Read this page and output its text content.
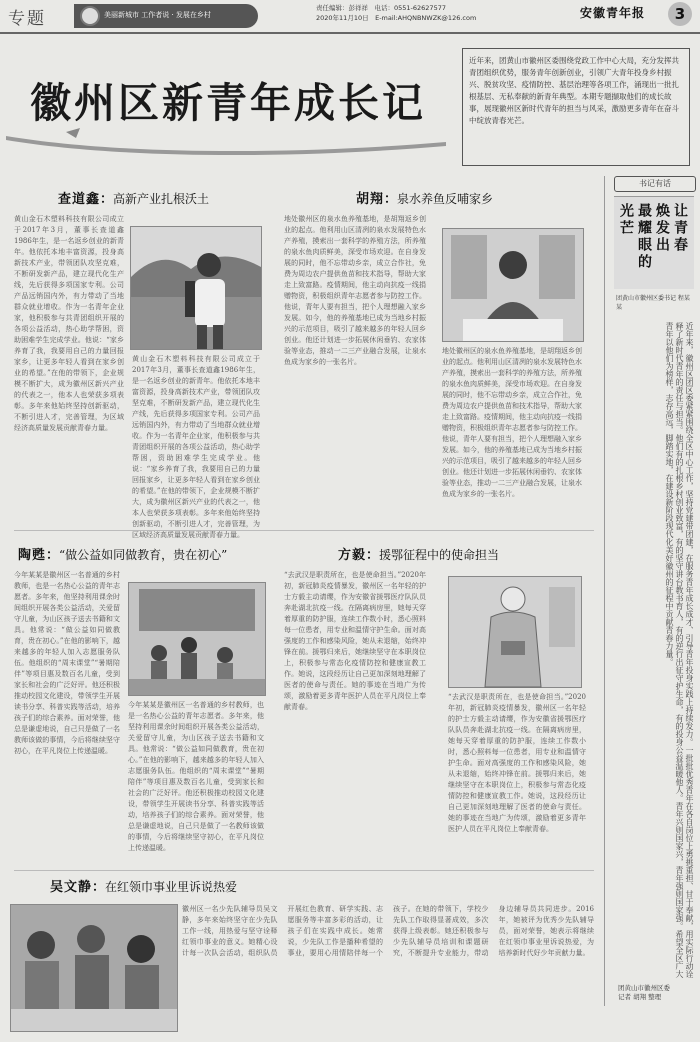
专题	美丽新城市 工作者说 · 发展在乡村
责任编辑：彭祥祥　电话：0551-62627577
2020年11月10日　E-mail:AHQNBNWZK@126.com	安徽青年报	3
徽州区新青年成长记
近年来，团黄山市徽州区委围绕党政工作中心大局，充分发挥共青团组织优势，服务青年创新创业，引领广大青年投身乡村振兴、脱贫攻坚、疫情防控、基层治理等各项工作，涌现出一批扎根基层、无私奉献的新青年典型。本期专题撷取他们的成长故事，展现徽州区新时代青年的担当与风采，激励更多青年在奋斗中绽放青春光芒。
查道鑫：高新产业扎根沃土
黄山金石木塑料科技有限公司成立于2017年3月，董事长查道鑫1986年生，是一名返乡创业的新青年。他依托本地丰富资源，投身高新技术产业，带领团队攻坚克难，不断研发新产品，建立现代化生产线，先后获得多项国家专利。公司产品远销国内外，有力带动了当地群众就业增收。作为一名青年企业家，他积极参与共青团组织开展的各项公益活动，热心助学帮困，资助困难学生完成学业。他说：“家乡养育了我，我要用自己的力量回报家乡，让更多年轻人看到在家乡创业的希望。”在他的带领下，企业规模不断扩大，成为徽州区新兴产业的代表之一，他本人也荣获多项表彰。多年来他始终坚持创新驱动，不断引进人才，完善管理，为区域经济高质量发展贡献青春力量。
黄山金石木塑料科技有限公司成立于2017年3月，董事长查道鑫1986年生，是一名返乡创业的新青年。他依托本地丰富资源，投身高新技术产业，带领团队攻坚克难，不断研发新产品，建立现代化生产线，先后获得多项国家专利。公司产品远销国内外，有力带动了当地群众就业增收。作为一名青年企业家，他积极参与共青团组织开展的各项公益活动，热心助学帮困，资助困难学生完成学业。他说：“家乡养育了我，我要用自己的力量回报家乡，让更多年轻人看到在家乡创业的希望。”在他的带领下，企业规模不断扩大，成为徽州区新兴产业的代表之一，他本人也荣获多项表彰。多年来他始终坚持创新驱动，不断引进人才，完善管理，为区域经济高质量发展贡献青春力量。
胡翔：泉水养鱼反哺家乡
地处徽州区的泉水鱼养殖基地，是胡翔返乡创业的起点。他利用山区清冽的泉水发展特色水产养殖，摸索出一套科学的养殖方法，所养殖的泉水鱼肉质鲜美，深受市场欢迎。在自身发展的同时，他不忘带动乡亲，成立合作社，免费为周边农户提供鱼苗和技术指导，帮助大家走上致富路。疫情期间，他主动向抗疫一线捐赠物资，积极组织青年志愿者参与防控工作。他说，青年人要有担当，把个人理想融入家乡发展。如今，他的养殖基地已成为当地乡村振兴的示范项目，吸引了越来越多的年轻人回乡创业。他还计划进一步拓展休闲垂钓、农家体验等业态，推动一二三产业融合发展，让泉水鱼成为家乡的一张名片。
地处徽州区的泉水鱼养殖基地，是胡翔返乡创业的起点。他利用山区清冽的泉水发展特色水产养殖，摸索出一套科学的养殖方法，所养殖的泉水鱼肉质鲜美，深受市场欢迎。在自身发展的同时，他不忘带动乡亲，成立合作社，免费为周边农户提供鱼苗和技术指导，帮助大家走上致富路。疫情期间，他主动向抗疫一线捐赠物资，积极组织青年志愿者参与防控工作。他说，青年人要有担当，把个人理想融入家乡发展。如今，他的养殖基地已成为当地乡村振兴的示范项目，吸引了越来越多的年轻人回乡创业。他还计划进一步拓展休闲垂钓、农家体验等业态，推动一二三产业融合发展，让泉水鱼成为家乡的一张名片。
陶甦：“做公益如同做教育，贵在初心”
今年某某是徽州区一名普通的乡村教师，也是一名热心公益的青年志愿者。多年来，他坚持利用课余时间组织开展各类公益活动，关爱留守儿童，为山区孩子送去书籍和文具。他常说：“做公益如同做教育，贵在初心。”在他的影响下，越来越多的年轻人加入志愿服务队伍。他组织的“周末课堂”“暑期陪伴”等项目惠及数百名儿童，受到家长和社会的广泛好评。他还积极推动校园文化建设，带领学生开展读书分享、科普实践等活动，培养孩子们的综合素养。面对荣誉，他总是谦虚地说，自己只是做了一名教师该做的事情，今后将继续坚守初心，在平凡岗位上传递温暖。
今年某某是徽州区一名普通的乡村教师，也是一名热心公益的青年志愿者。多年来，他坚持利用课余时间组织开展各类公益活动，关爱留守儿童，为山区孩子送去书籍和文具。他常说：“做公益如同做教育，贵在初心。”在他的影响下，越来越多的年轻人加入志愿服务队伍。他组织的“周末课堂”“暑期陪伴”等项目惠及数百名儿童，受到家长和社会的广泛好评。他还积极推动校园文化建设，带领学生开展读书分享、科普实践等活动，培养孩子们的综合素养。面对荣誉，他总是谦虚地说，自己只是做了一名教师该做的事情，今后将继续坚守初心，在平凡岗位上传递温暖。
方毅：援鄂征程中的使命担当
“去武汉是职责所在，也是使命担当。”2020年初，新冠肺炎疫情暴发，徽州区一名年轻的护士方毅主动请缨，作为安徽省援鄂医疗队队员奔赴湖北抗疫一线。在隔离病房里，她每天穿着厚重的防护服，连续工作数小时，悉心照料每一位患者，用专业和温情守护生命。面对高强度的工作和感染风险，她从未退缩，始终冲锋在前。援鄂归来后，她继续坚守在本职岗位上，积极参与常态化疫情防控和健康宣教工作。她说，这段经历让自己更加深刻地理解了医者的使命与责任。她的事迹在当地广为传颂，激励着更多青年医护人员在平凡岗位上奉献青春。
“去武汉是职责所在，也是使命担当。”2020年初，新冠肺炎疫情暴发，徽州区一名年轻的护士方毅主动请缨，作为安徽省援鄂医疗队队员奔赴湖北抗疫一线。在隔离病房里，她每天穿着厚重的防护服，连续工作数小时，悉心照料每一位患者，用专业和温情守护生命。面对高强度的工作和感染风险，她从未退缩，始终冲锋在前。援鄂归来后，她继续坚守在本职岗位上，积极参与常态化疫情防控和健康宣教工作。她说，这段经历让自己更加深刻地理解了医者的使命与责任。她的事迹在当地广为传颂，激励着更多青年医护人员在平凡岗位上奉献青春。
吴文静：在红领巾事业里诉说热爱
徽州区一名少先队辅导员吴文静，多年来始终坚守在少先队工作一线，用热爱与坚守诠释红领巾事业的意义。她精心设计每一次队会活动，组织队员开展红色教育、研学实践、志愿服务等丰富多彩的活动，让孩子们在实践中成长。她常说，少先队工作是播种希望的事业，要用心用情陪伴每一个孩子。在她的带领下，学校少先队工作取得显著成效，多次获得上级表彰。她还积极参与少先队辅导员培训和课题研究，不断提升专业能力，带动身边辅导员共同进步。2016年，她被评为优秀少先队辅导员，面对荣誉，她表示将继续在红领巾事业里诉说热爱，为培养新时代好少年贡献力量。
书记有话
让青春
焕发出
最耀眼的
光芒
团黄山市徽州区委书记 程某某
近年来，徽州区团区委紧紧围绕全区中心工作，坚持党建带团建，在服务青年成长成才、引导青年投身实践上持续发力。一批批优秀青年在各自岗位上勇挑重担、甘于奉献，用实际行动诠释了新时代青年的责任与担当。他们有的扎根乡村创业致富，有的坚守讲台教书育人，有的逆行出征守护生命，有的投身公益温暖他人。青年兴则国家兴，青年强则国家强。希望全区广大青年以他们为榜样，志存高远，脚踏实地，在建设新阶段现代化美好徽州的征程中贡献青春力量。
团黄山市徽州区委
记者 胡翔 整理
